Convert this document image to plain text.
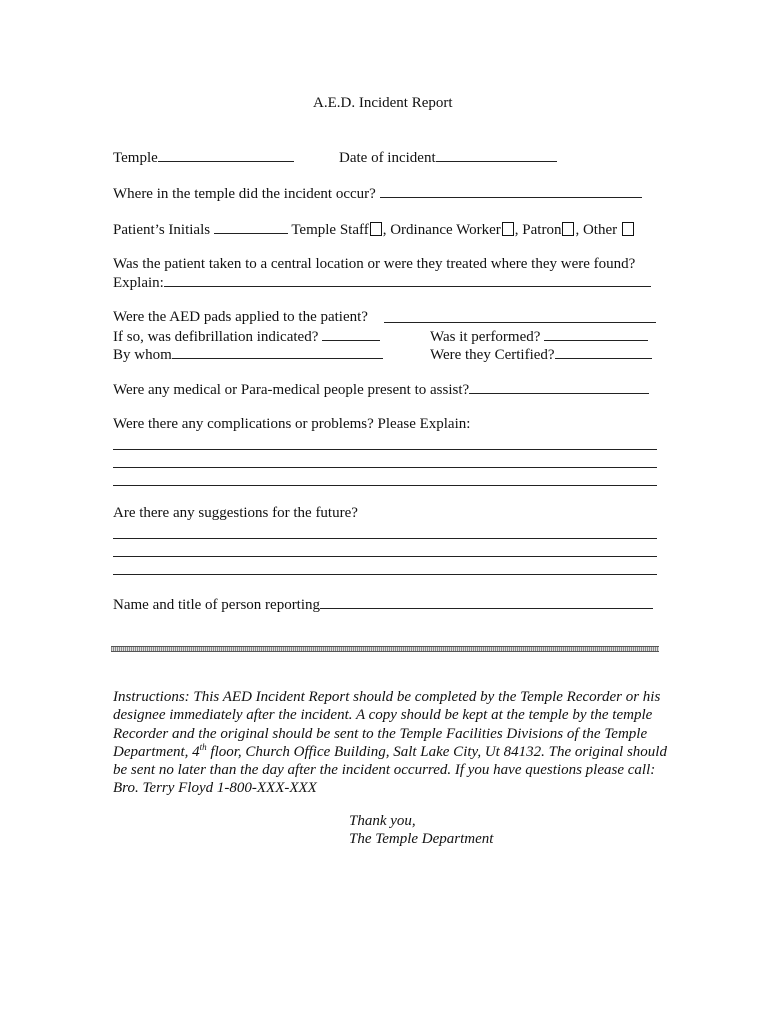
A.E.D. Incident Report
Temple	Date of incident
Where in the temple did the incident occur?
Patient’s Initials	Temple Staff , Ordinance Worker , Patron , Other
Was the patient taken to a central location or were they treated where they were found?
Explain:
Were the AED pads applied to the patient?
If so, was defibrillation indicated?	Was it performed?
By whom	Were they Certified?
Were any medical or Para-medical people present to assist?
Were there any complications or problems? Please Explain:
Are there any suggestions for the future?
Name and title of person reporting
Instructions: This AED Incident Report should be completed by the Temple Recorder or his designee immediately after the incident. A copy should be kept at the temple by the temple Recorder and the original should be sent to the Temple Facilities Divisions of the Temple Department, 4th floor, Church Office Building, Salt Lake City, Ut 84132. The original should be sent no later than the day after the incident occurred. If you have questions please call: Bro. Terry Floyd 1-800-XXX-XXX
Thank you,
The Temple Department
